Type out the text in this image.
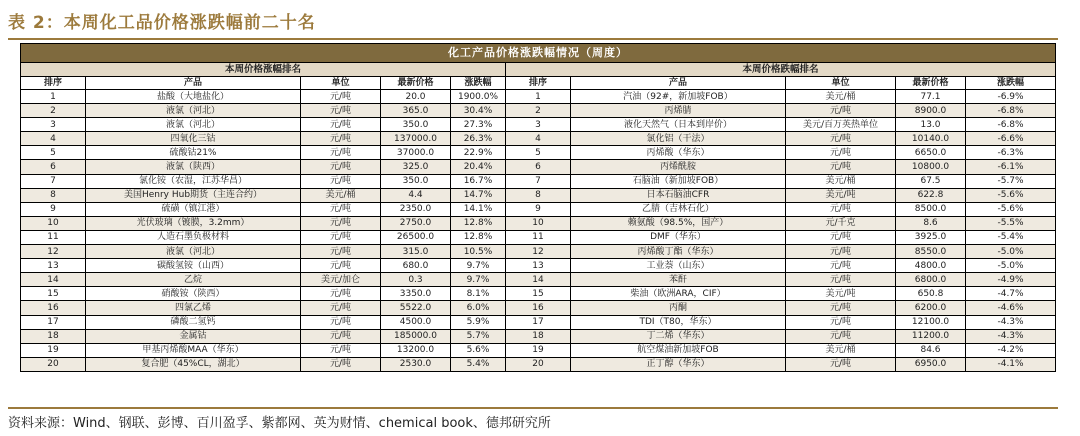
表 2：本周化工品价格涨跌幅前二十名
化工产品价格涨跌幅情况（周度）									
本周价格涨幅排名					本周价格跌幅排名				
排序	产品	单位	最新价格	涨跌幅	排序	产品	单位	最新价格	涨跌幅
1	盐酸（大地盐化）	元/吨	20.0	1900.0%	1	汽油（92#，新加坡FOB）	美元/桶	77.1	-6.9%
2	液氯（河北）	元/吨	365.0	30.4%	2	丙烯腈	元/吨	8900.0	-6.8%
3	液氯（河北）	元/吨	350.0	27.3%	3	液化天然气（日本到岸价）	美元/百万英热单位	13.0	-6.8%
4	四氧化三钴	元/吨	137000.0	26.3%	4	氯化铝（干法）	元/吨	10140.0	-6.6%
5	硫酸钴21%	元/吨	37000.0	22.9%	5	丙烯酸（华东）	元/吨	6650.0	-6.3%
6	液氯（陕西）	元/吨	325.0	20.4%	6	丙烯酰胺	元/吨	10800.0	-6.1%
7	氯化铵（农湿，江苏华昌）	元/吨	350.0	16.7%	7	石脑油（新加坡FOB）	美元/桶	67.5	-5.7%
8	美国Henry Hub期货（主连合约）	美元/桶	4.4	14.7%	8	日本石脑油CFR	美元/吨	622.8	-5.6%
9	硫磺（镇江港）	元/吨	2350.0	14.1%	9	乙腈（吉林石化）	元/吨	8500.0	-5.6%
10	光伏玻璃（镀膜，3.2mm）	元/吨	2750.0	12.8%	10	赖氨酸（98.5%，国产）	元/千克	8.6	-5.5%
11	人造石墨负极材料	元/吨	26500.0	12.8%	11	DMF（华东）	元/吨	3925.0	-5.4%
12	液氯（河北）	元/吨	315.0	10.5%	12	丙烯酸丁酯（华东）	元/吨	8550.0	-5.0%
13	碳酸氢铵（山西）	元/吨	680.0	9.7%	13	工业萘（山东）	元/吨	4800.0	-5.0%
14	乙烷	美元/加仑	0.3	9.7%	14	苯酐	元/吨	6800.0	-4.9%
15	硝酸铵（陕西）	元/吨	3350.0	8.1%	15	柴油（欧洲ARA，CIF）	美元/吨	650.8	-4.7%
16	四氯乙烯	元/吨	5522.0	6.0%	16	丙酮	元/吨	6200.0	-4.6%
17	磷酸二氢钙	元/吨	4500.0	5.9%	17	TDI（T80，华东）	元/吨	12100.0	-4.3%
18	金属钴	元/吨	185000.0	5.7%	18	丁二烯（华东）	元/吨	11200.0	-4.3%
19	甲基丙烯酸MAA（华东）	元/吨	13200.0	5.6%	19	航空煤油新加坡FOB	美元/桶	84.6	-4.2%
20	复合肥（45%CL，湖北）	元/吨	2530.0	5.4%	20	正丁醇（华东）	元/吨	6950.0	-4.1%
资料来源：Wind、钢联、彭博、百川盈孚、紫都网、英为财情、chemical book、德邦研究所
